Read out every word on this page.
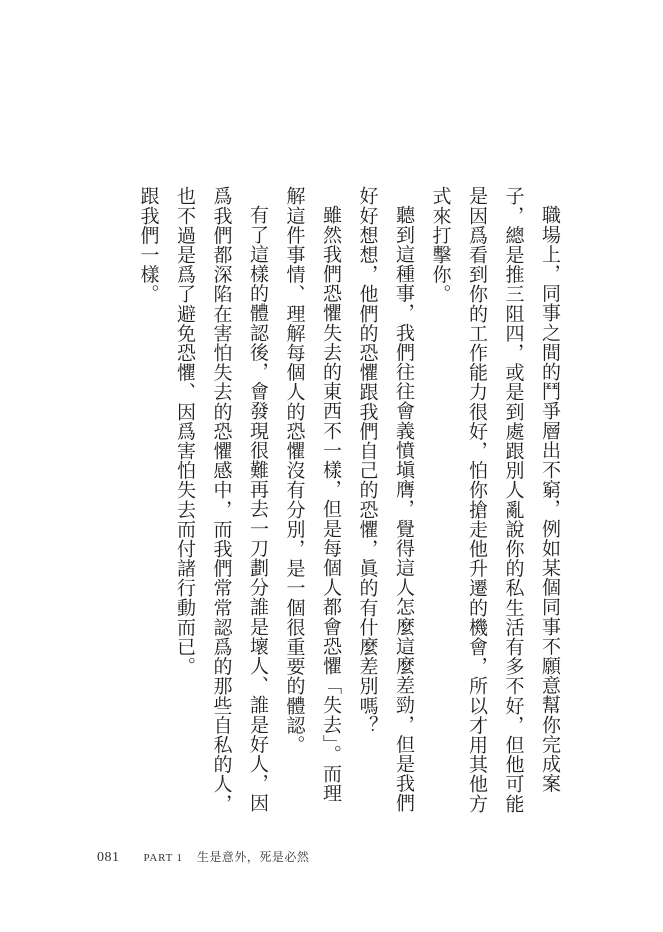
職場上，同事之間的鬥爭層出不窮，例如某個同事不願意幫你完成案子，總是推三阻四，或是到處跟別人亂說你的私生活有多不好，但他可能是因爲看到你的工作能力很好，怕你搶走他升遷的機會，所以才用其他方式來打擊你。

聽到這種事，我們往往會義憤塡膺，覺得這人怎麼這麼差勁，但是我們好好想想，他們的恐懼跟我們自己的恐懼，眞的有什麼差別嗎？

雖然我們恐懼失去的東西不一樣，但是每個人都會恐懼「失去」。而理解這件事情、理解每個人的恐懼沒有分別，是一個很重要的體認。

有了這樣的體認後，會發現很難再去一刀劃分誰是壞人、誰是好人，因爲我們都深陷在害怕失去的恐懼感中，而我們常常認爲的那些自私的人，也不過是爲了避免恐懼、因爲害怕失去而付諸行動而已。

跟我們一樣。

081 PART 1 生是意外，死是必然
